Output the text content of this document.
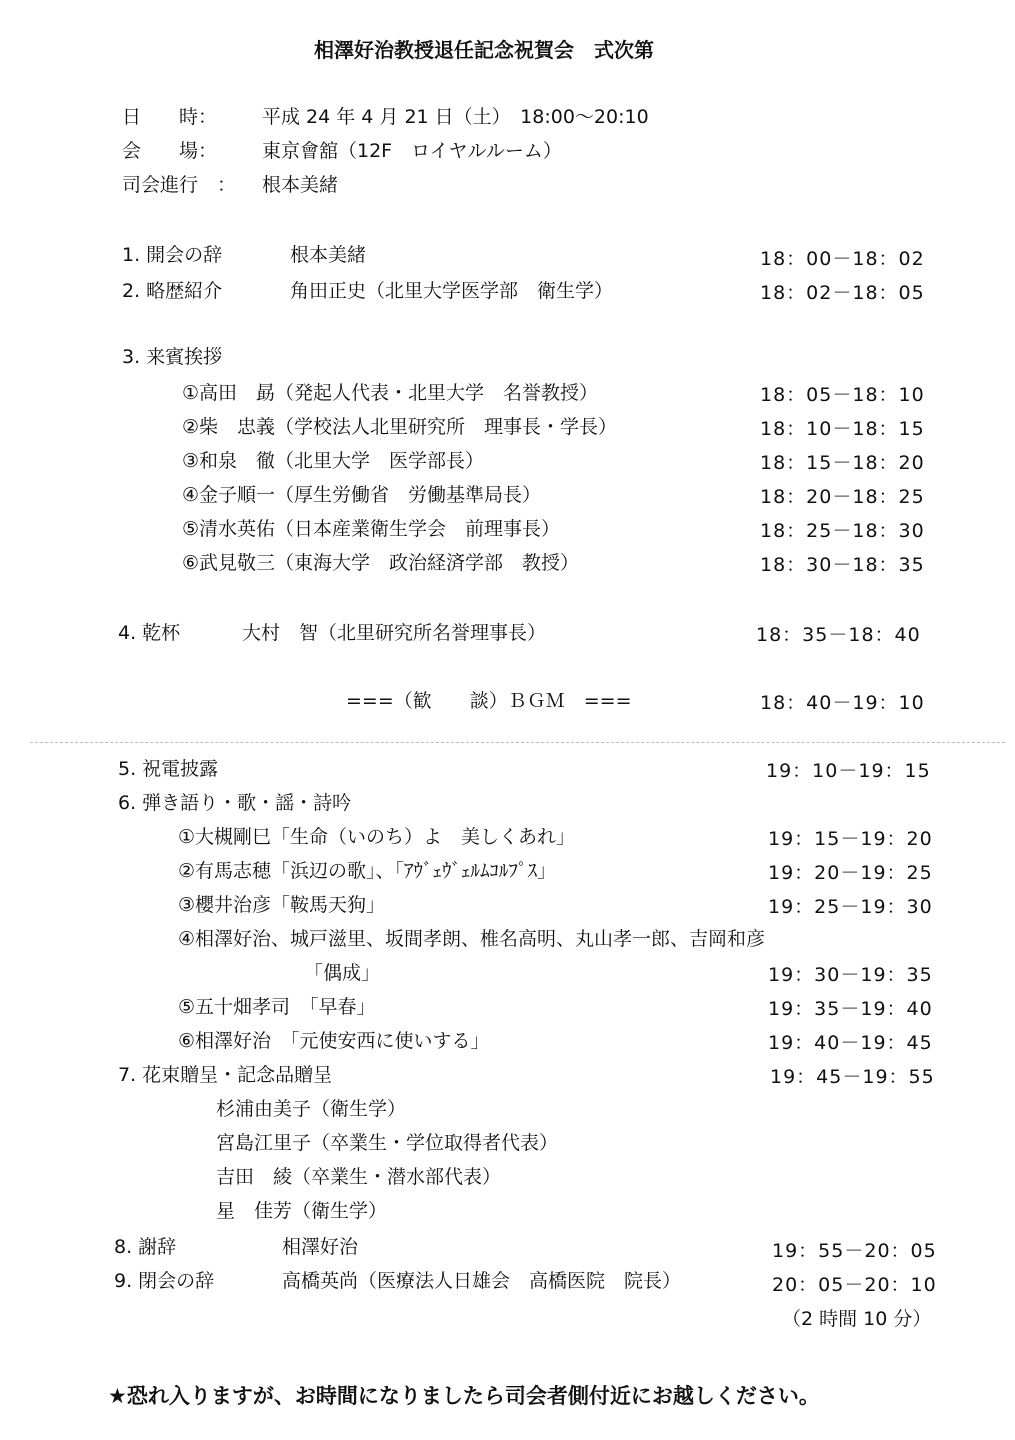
相澤好治教授退任記念祝賀会　式次第
日　　時： 平成 24 年 4 月 21 日（土）　18:00～20:10
会　　場： 東京會舘（12F　ロイヤルルーム）
司会進行　： 根本美緒
1. 開会の辞	根本美緒	18：00－18：02
2. 略歴紹介	角田正史（北里大学医学部　衛生学）	18：02－18：05
3. 来賓挨拶
①高田　勗（発起人代表・北里大学　名誉教授）	18：05－18：10
②柴　忠義（学校法人北里研究所　理事長・学長）	18：10－18：15
③和泉　徹（北里大学　医学部長）	18：15－18：20
④金子順一（厚生労働省　労働基準局長）	18：20－18：25
⑤清水英佑（日本産業衛生学会　前理事長）	18：25－18：30
⑥武見敬三（東海大学　政治経済学部　教授）	18：30－18：35
4. 乾杯	大村　智（北里研究所名誉理事長）	18：35－18：40
===（歓　　談）ＢＧＭ　===	18：40－19：10
5. 祝電披露	19：10－19：15
6. 弾き語り・歌・謡・詩吟
①大槻剛巳「生命（いのち）よ　美しくあれ」	19：15－19：20
②有馬志穂「浜辺の歌」、「ｱｳﾞｪｳﾞｪﾙﾑｺﾙﾌﾟｽ」	19：20－19：25
③櫻井治彦「鞍馬天狗」	19：25－19：30
④相澤好治、城戸滋里、坂間孝朗、椎名高明、丸山孝一郎、吉岡和彦
「偶成」	19：30－19：35
⑤五十畑孝司　「早春」	19：35－19：40
⑥相澤好治　「元使安西に使いする」	19：40－19：45
7. 花束贈呈・記念品贈呈	19：45－19：55
杉浦由美子（衛生学）
宮島江里子（卒業生・学位取得者代表）
吉田　綾（卒業生・潜水部代表）
星　佳芳（衛生学）
8. 謝辞	相澤好治	19：55－20：05
9. 閉会の辞	高橋英尚（医療法人日雄会　高橋医院　院長）	20：05－20：10
（2 時間 10 分）
★恐れ入りますが、お時間になりましたら司会者側付近にお越しください。
